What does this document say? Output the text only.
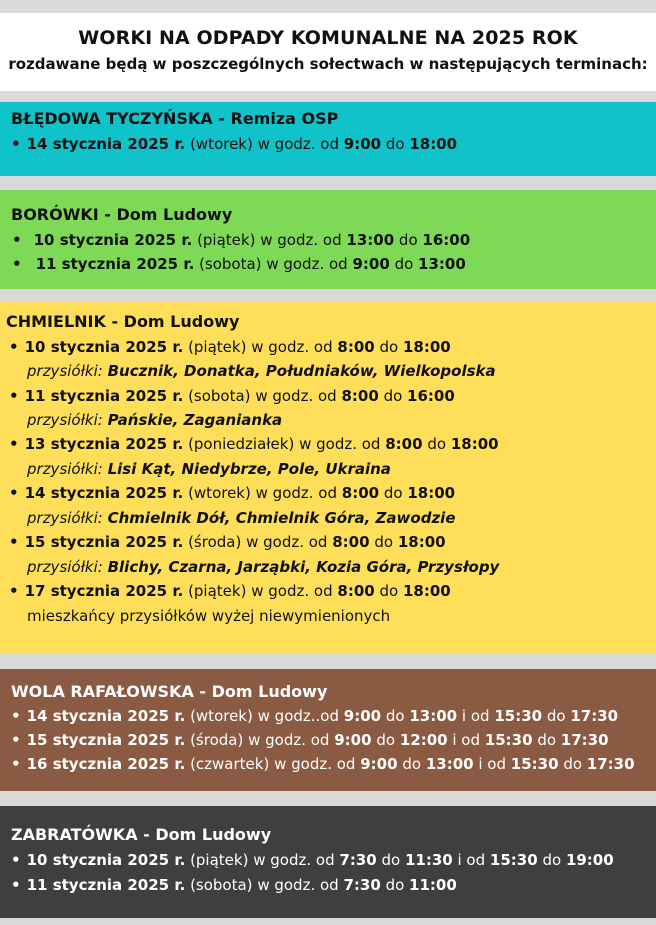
WORKI NA ODPADY KOMUNALNE NA 2025 ROK
rozdawane będą w poszczególnych sołectwach w następujących terminach:
BŁĘDOWA TYCZYŃSKA - Remiza OSP
• 14 stycznia 2025 r. (wtorek) w godz. od 9:00 do 18:00
BORÓWKI - Dom Ludowy
• 10 stycznia 2025 r. (piątek) w godz. od 13:00 do 16:00
• 11 stycznia 2025 r. (sobota) w godz. od 9:00 do 13:00
CHMIELNIK - Dom Ludowy
• 10 stycznia 2025 r. (piątek) w godz. od 8:00 do 18:00
przysiółki: Bucznik, Donatka, Południaków, Wielkopolska
• 11 stycznia 2025 r. (sobota) w godz. od 8:00 do 16:00
przysiółki: Pańskie, Zaganianka
• 13 stycznia 2025 r. (poniedziałek) w godz. od 8:00 do 18:00
przysiółki: Lisi Kąt, Niedybrze, Pole, Ukraina
• 14 stycznia 2025 r. (wtorek) w godz. od 8:00 do 18:00
przysiółki: Chmielnik Dół, Chmielnik Góra, Zawodzie
• 15 stycznia 2025 r. (środa) w godz. od 8:00 do 18:00
przysiółki: Blichy, Czarna, Jarząbki, Kozia Góra, Przysłopy
• 17 stycznia 2025 r. (piątek) w godz. od 8:00 do 18:00
mieszkańcy przysiółków wyżej niewymienionych
WOLA RAFAŁOWSKA - Dom Ludowy
• 14 stycznia 2025 r. (wtorek) w godz..od 9:00 do 13:00 i od 15:30 do 17:30
• 15 stycznia 2025 r. (środa) w godz. od 9:00 do 12:00 i od 15:30 do 17:30
• 16 stycznia 2025 r. (czwartek) w godz. od 9:00 do 13:00 i od 15:30 do 17:30
ZABRATÓWKA - Dom Ludowy
• 10 stycznia 2025 r. (piątek) w godz. od 7:30 do 11:30 i od 15:30 do 19:00
• 11 stycznia 2025 r. (sobota) w godz. od 7:30 do 11:00
